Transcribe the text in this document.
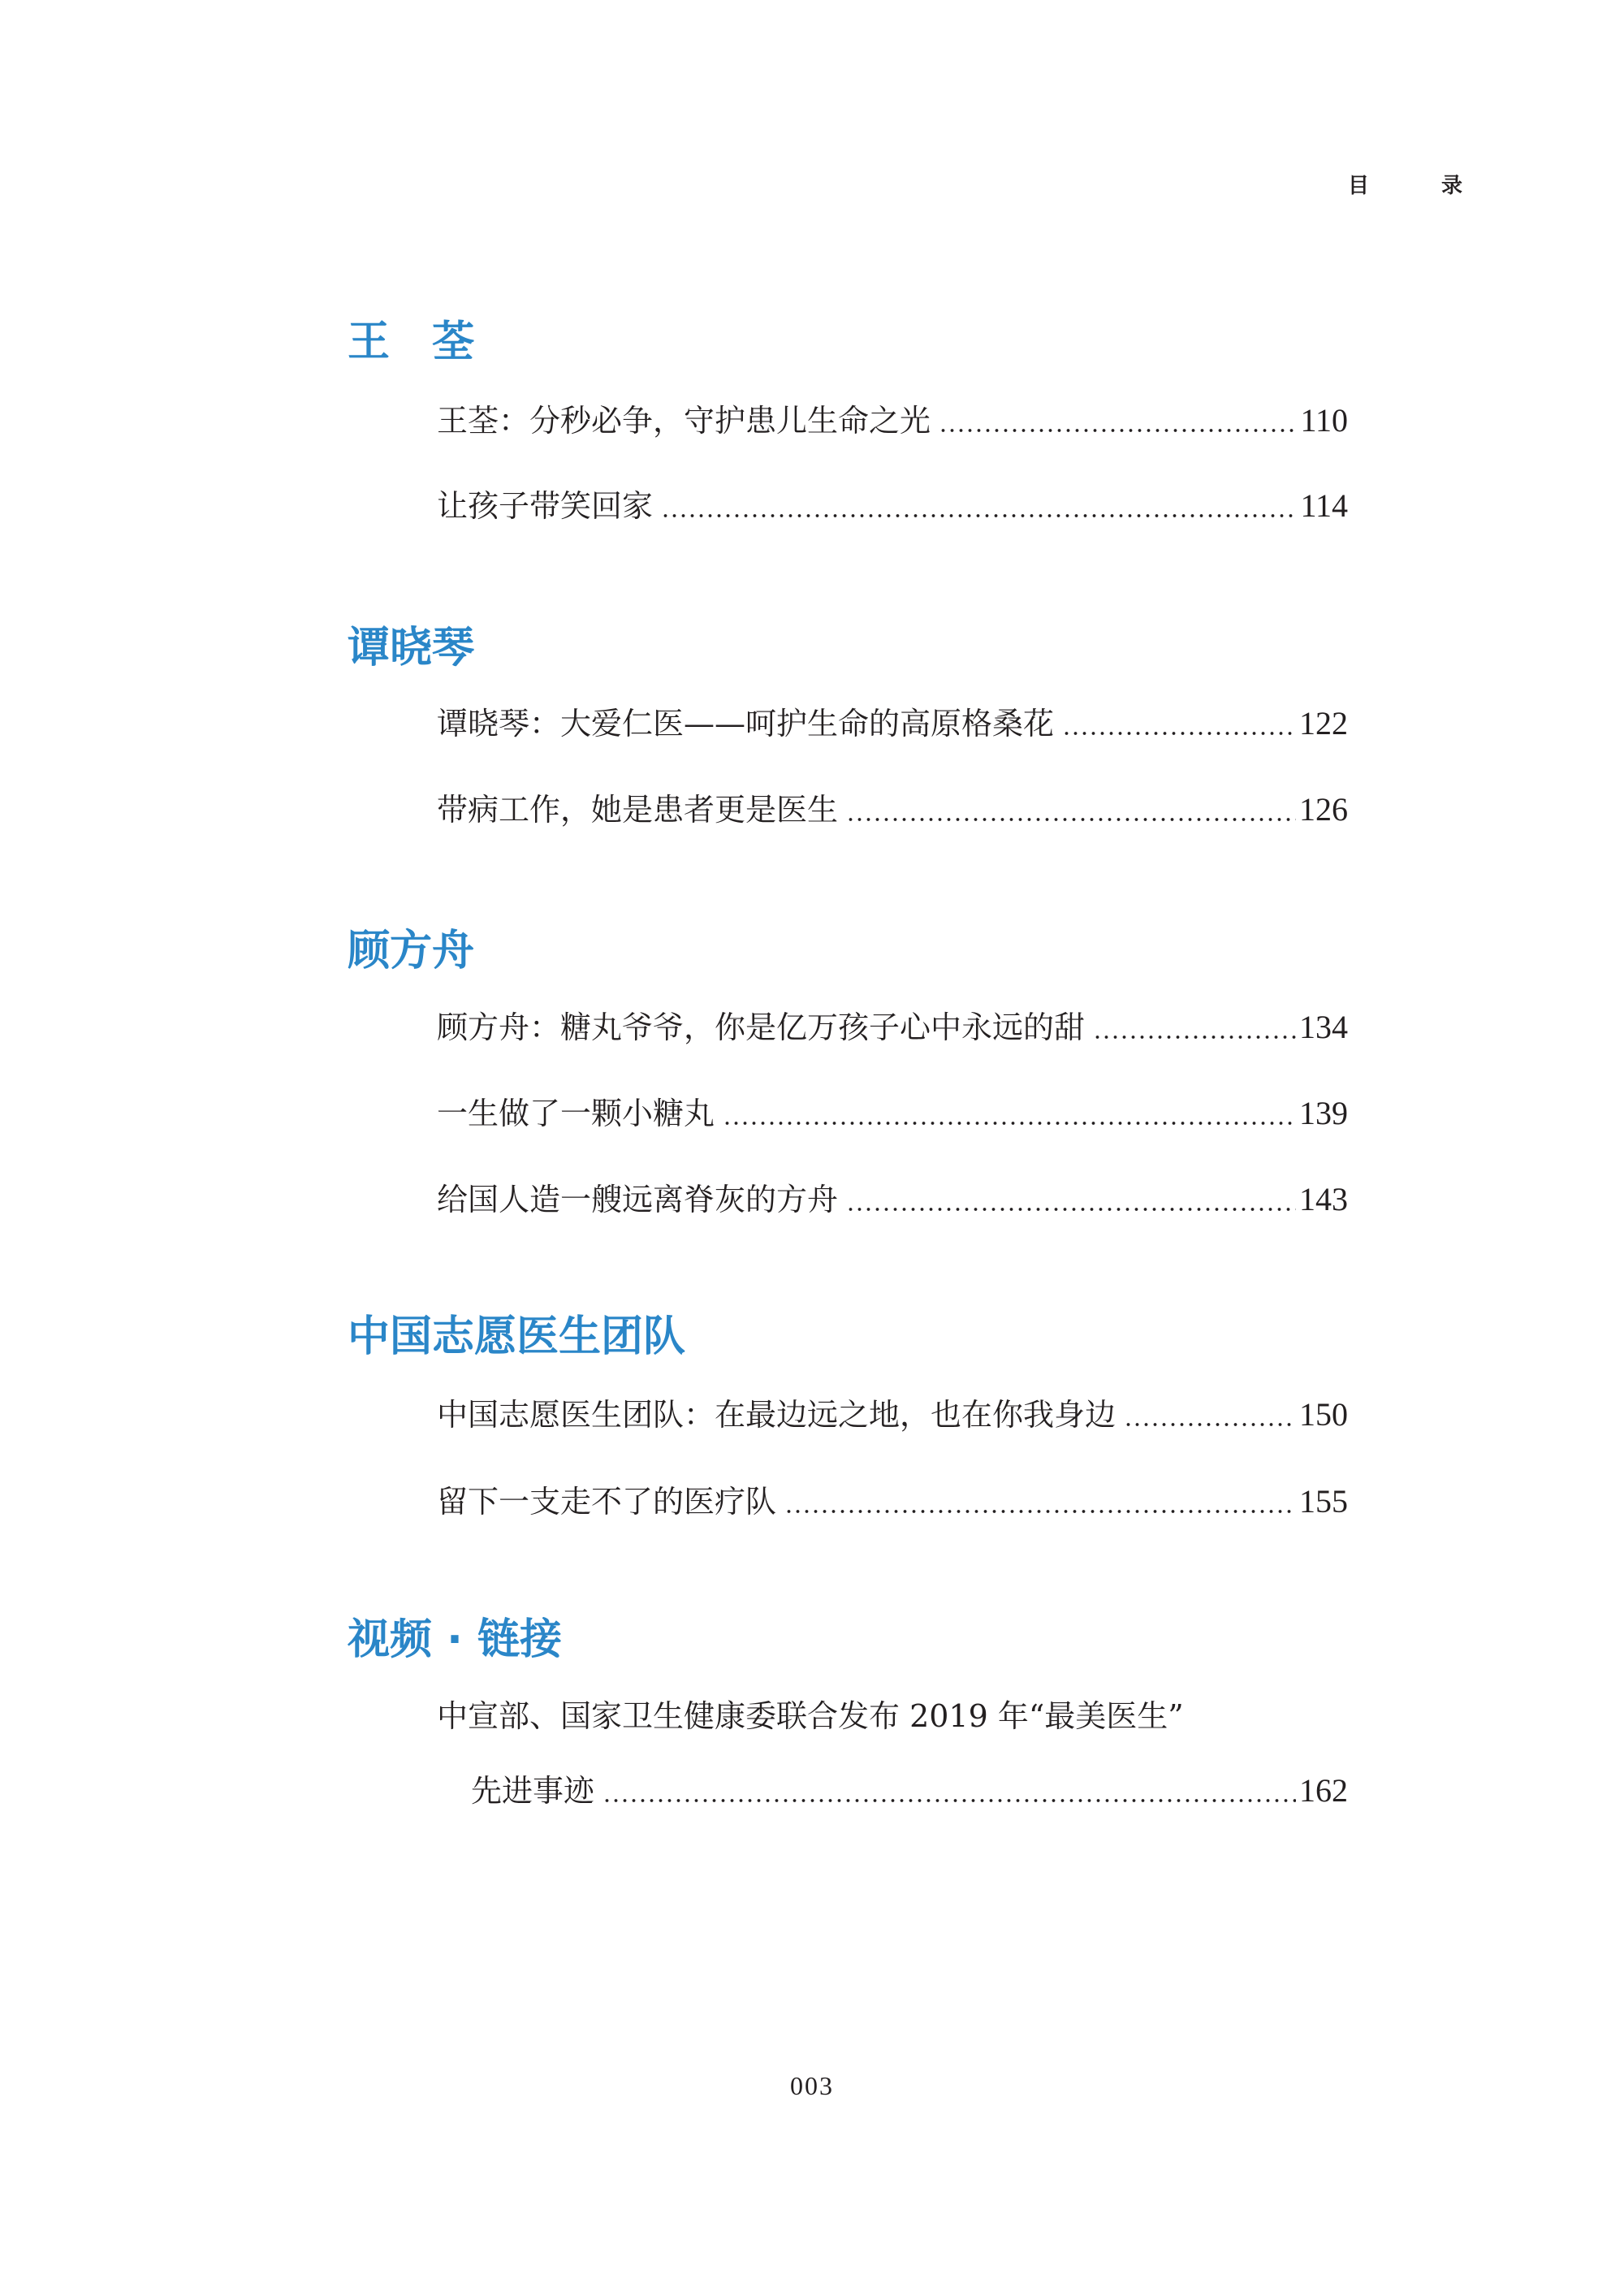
目 录
王　荃
王荃：分秒必争，守护患儿生命之光	110
让孩子带笑回家	114
谭晓琴
谭晓琴：大爱仁医——呵护生命的高原格桑花	122
带病工作，她是患者更是医生	126
顾方舟
顾方舟：糖丸爷爷，你是亿万孩子心中永远的甜	134
一生做了一颗小糖丸	139
给国人造一艘远离脊灰的方舟	143
中国志愿医生团队
中国志愿医生团队：在最边远之地，也在你我身边	150
留下一支走不了的医疗队	155
视频 · 链接
中宣部、国家卫生健康委联合发布 2019 年“最美医生”
先进事迹	162
003
